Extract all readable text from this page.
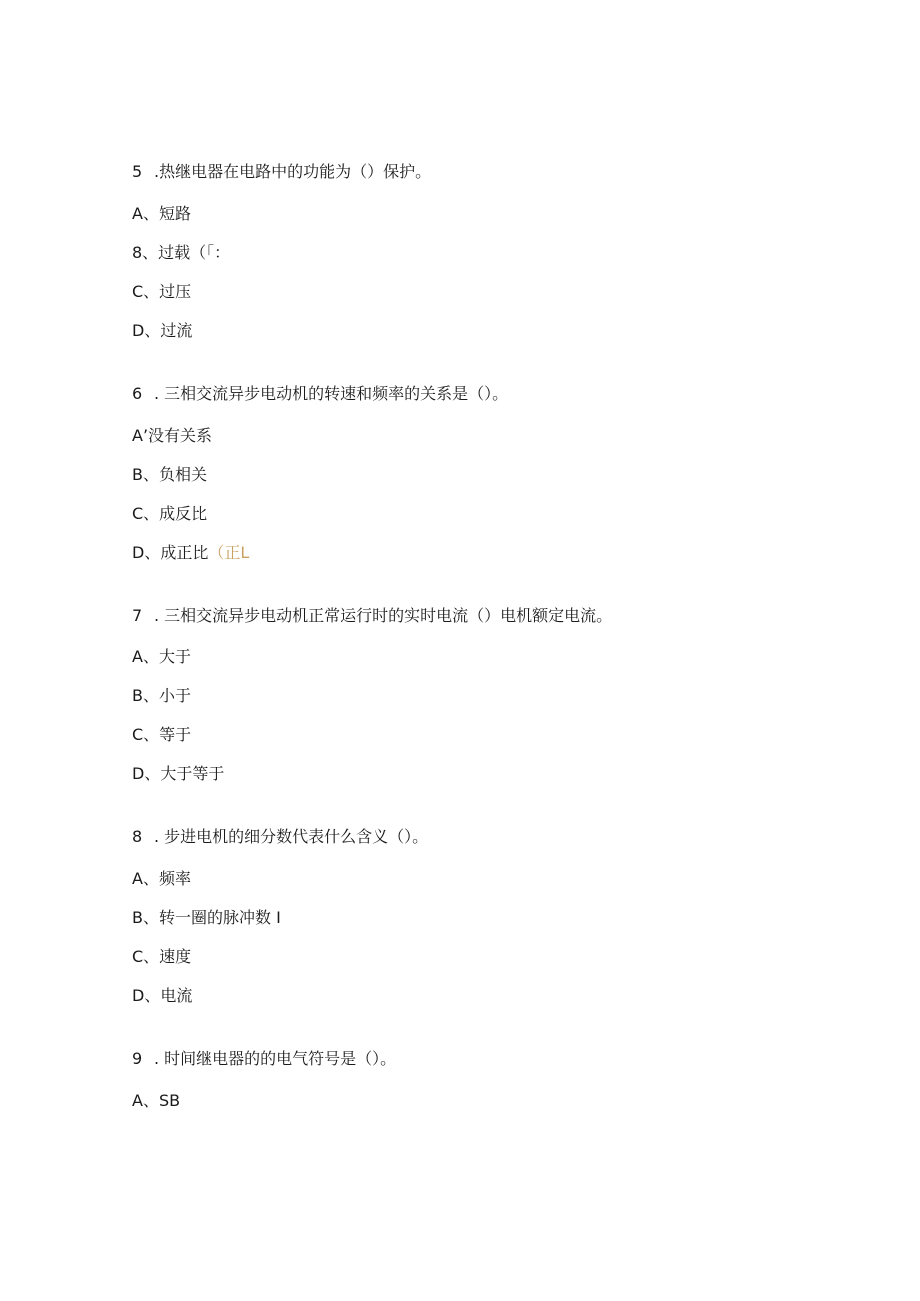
5 .热继电器在电路中的功能为（）保护。
A、短路
8、过载（「：
C、过压
D、过流
6 . 三相交流异步电动机的转速和频率的关系是（）。
A’没有关系
B、负相关
C、成反比
D、成正比（正L
7 . 三相交流异步电动机正常运行时的实时电流（）电机额定电流。
A、大于
B、小于
C、等于
D、大于等于
8 . 步进电机的细分数代表什么含义（）。
A、频率
B、转一圈的脉冲数 I
C、速度
D、电流
9 . 时间继电器的的电气符号是（）。
A、SB
